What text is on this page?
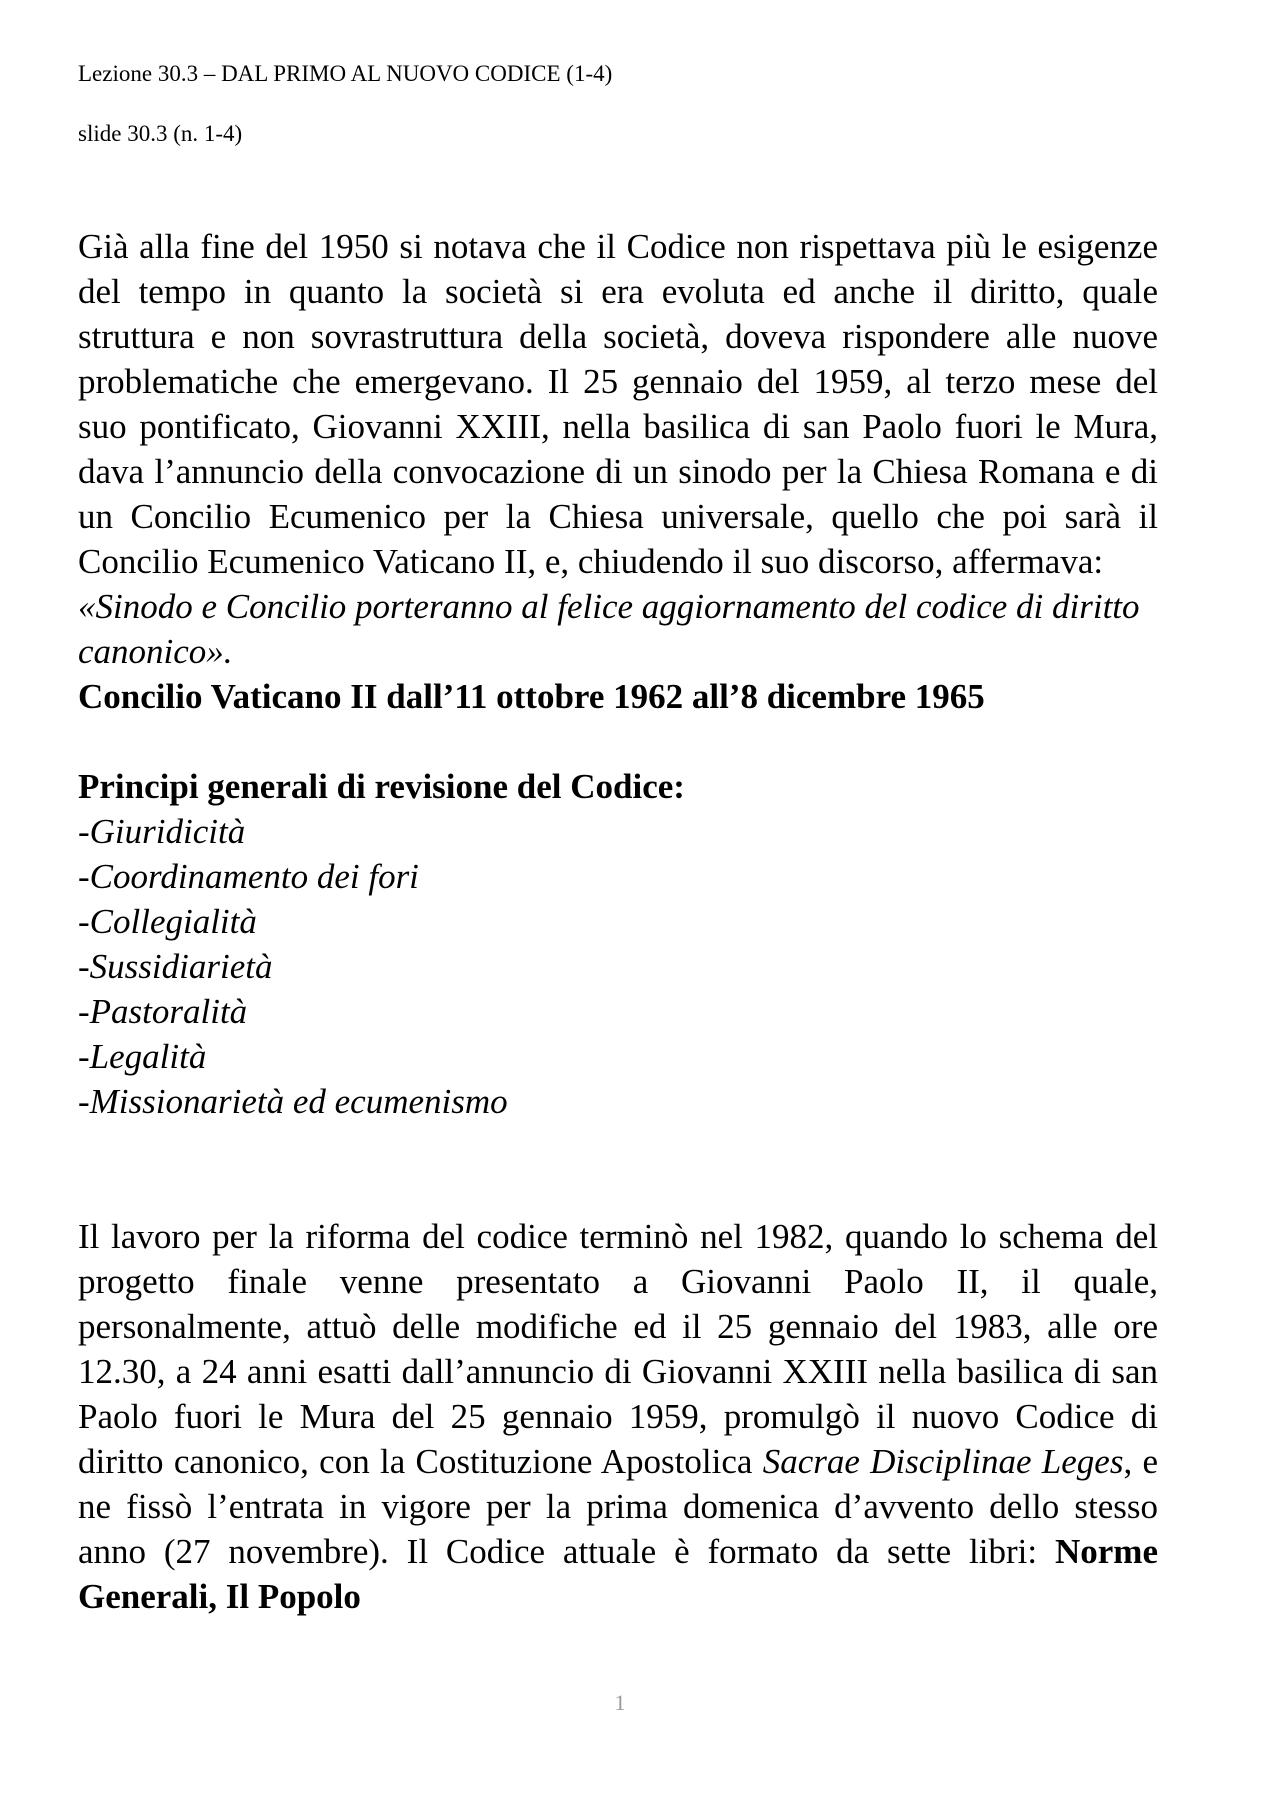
Lezione 30.3 – DAL PRIMO AL NUOVO CODICE (1-4)
slide 30.3 (n. 1-4)

Già alla fine del 1950 si notava che il Codice non rispettava più le esigenze del tempo in quanto la società si era evoluta ed anche il diritto, quale struttura e non sovrastruttura della società, doveva rispondere alle nuove problematiche che emergevano. Il 25 gennaio del 1959, al terzo mese del suo pontificato, Giovanni XXIII, nella basilica di san Paolo fuori le Mura, dava l’annuncio della convocazione di un sinodo per la Chiesa Romana e di un Concilio Ecumenico per la Chiesa universale, quello che poi sarà il Concilio Ecumenico Vaticano II, e, chiudendo il suo discorso, affermava:

«Sinodo e Concilio porteranno al felice aggiornamento del codice di diritto canonico».

Concilio Vaticano II dall’11 ottobre 1962 all’8 dicembre 1965

Principi generali di revisione del Codice:

-Giuridicità
-Coordinamento dei fori
-Collegialità
-Sussidiarietà
-Pastoralità
-Legalità
-Missionarietà ed ecumenismo

Il lavoro per la riforma del codice terminò nel 1982, quando lo schema del progetto finale venne presentato a Giovanni Paolo II, il quale, personalmente, attuò delle modifiche ed il 25 gennaio del 1983, alle ore 12.30, a 24 anni esatti dall’annuncio di Giovanni XXIII nella basilica di san Paolo fuori le Mura del 25 gennaio 1959, promulgò il nuovo Codice di diritto canonico, con la Costituzione Apostolica Sacrae Disciplinae Leges, e ne fissò l’entrata in vigore per la prima domenica d’avvento dello stesso anno (27 novembre). Il Codice attuale è formato da sette libri: Norme Generali, Il Popolo

1
